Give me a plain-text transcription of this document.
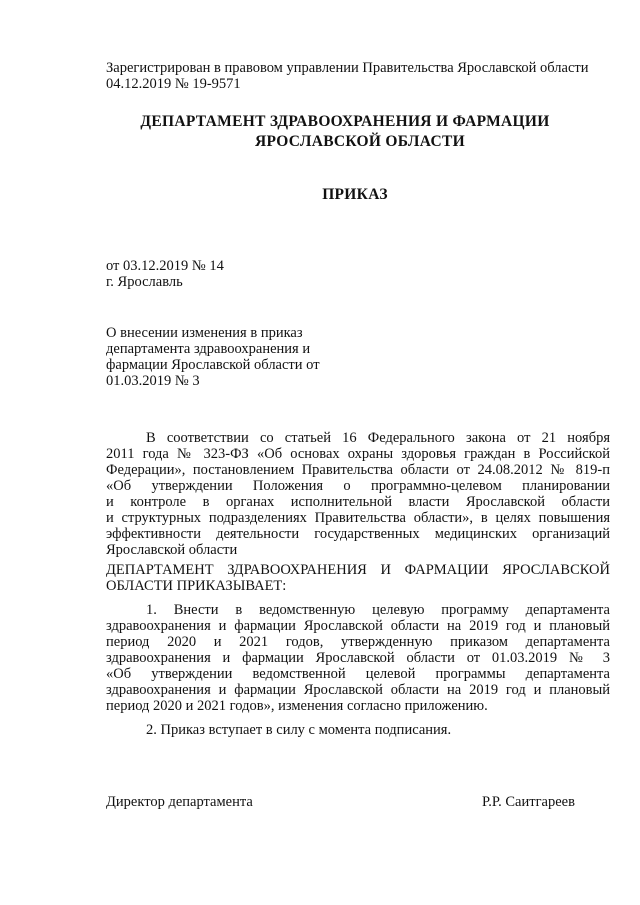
Зарегистрирован в правовом управлении Правительства Ярославской области
04.12.2019 № 19-9571
ДЕПАРТАМЕНТ ЗДРАВООХРАНЕНИЯ И ФАРМАЦИИ
ЯРОСЛАВСКОЙ ОБЛАСТИ
ПРИКАЗ
от 03.12.2019 № 14
г. Ярославль
О внесении изменения в приказ
департамента здравоохранения и
фармации Ярославской области от
01.03.2019 № 3
В соответствии со статьей 16 Федерального закона от 21 ноября
2011 года № 323-ФЗ «Об основах охраны здоровья граждан в Российской
Федерации», постановлением Правительства области от 24.08.2012 № 819-п
«Об утверждении Положения о программно-целевом планировании
и контроле в органах исполнительной власти Ярославской области
и структурных подразделениях Правительства области», в целях повышения
эффективности деятельности государственных медицинских организаций
Ярославской области
ДЕПАРТАМЕНТ ЗДРАВООХРАНЕНИЯ И ФАРМАЦИИ ЯРОСЛАВСКОЙ
ОБЛАСТИ ПРИКАЗЫВАЕТ:
1. Внести в ведомственную целевую программу департамента
здравоохранения и фармации Ярославской области на 2019 год и плановый
период 2020 и 2021 годов, утвержденную приказом департамента
здравоохранения и фармации Ярославской области от 01.03.2019 № 3
«Об утверждении ведомственной целевой программы департамента
здравоохранения и фармации Ярославской области на 2019 год и плановый
период 2020 и 2021 годов», изменения согласно приложению.
2. Приказ вступает в силу с момента подписания.
Директор департамента	Р.Р. Саитгареев
